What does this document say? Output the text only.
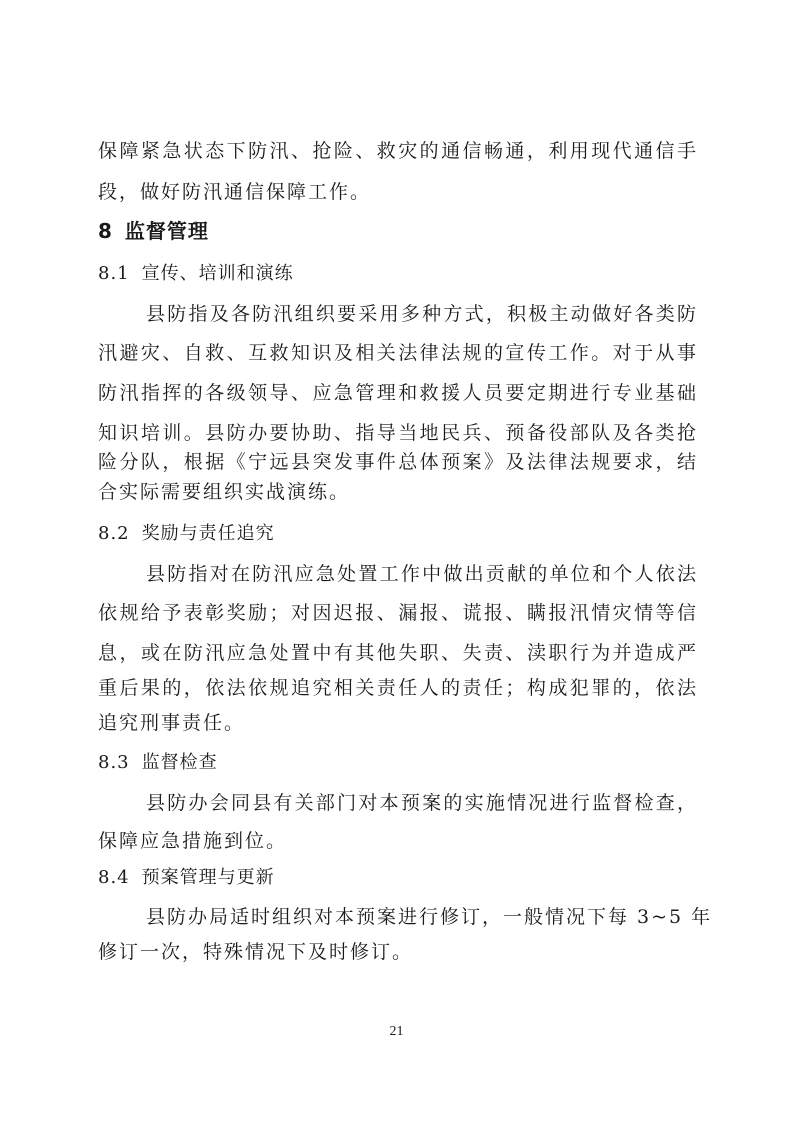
保障紧急状态下防汛、抢险、救灾的通信畅通，利用现代通信手
段，做好防汛通信保障工作。
8 监督管理
8.1 宣传、培训和演练
县防指及各防汛组织要采用多种方式，积极主动做好各类防
汛避灾、自救、互救知识及相关法律法规的宣传工作。对于从事
防汛指挥的各级领导、应急管理和救援人员要定期进行专业基础
知识培训。县防办要协助、指导当地民兵、预备役部队及各类抢
险分队，根据《宁远县突发事件总体预案》及法律法规要求，结
合实际需要组织实战演练。
8.2 奖励与责任追究
县防指对在防汛应急处置工作中做出贡献的单位和个人依法
依规给予表彰奖励；对因迟报、漏报、谎报、瞒报汛情灾情等信
息，或在防汛应急处置中有其他失职、失责、渎职行为并造成严
重后果的，依法依规追究相关责任人的责任；构成犯罪的，依法
追究刑事责任。
8.3 监督检查
县防办会同县有关部门对本预案的实施情况进行监督检查，
保障应急措施到位。
8.4 预案管理与更新
县防办局适时组织对本预案进行修订，一般情况下每 3~5 年
修订一次，特殊情况下及时修订。
21
